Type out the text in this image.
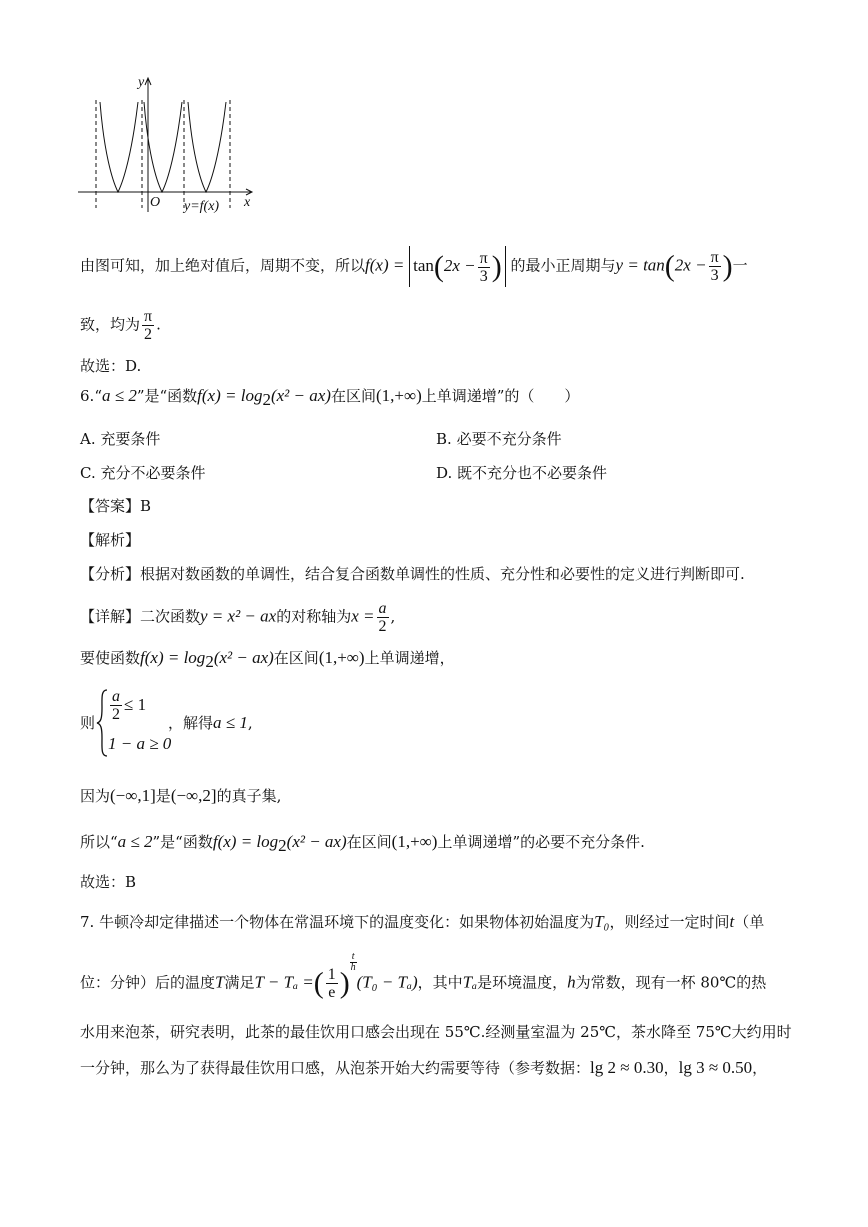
y
x
O y=f(x)
由图可知，加上绝对值后，周期不变，所以$f(x) = \tan(2x - \frac{\pi}{3}$ ) 的最小正周期与$y = \tan(2x - \frac{\pi}{3}$ )一
致，均为 $\frac{\pi}{2}$ .
故选：D.
6.“a ≤ 2”是“函数$f(x) = \log_2(x^2 - ax)$在区间(1,+∞)上单调递增”的（　　）
A. 充要条件	B. 必要不充分条件
C. 充分不必要条件	D. 既不充分也不必要条件
【答案】B
【解析】
【分析】根据对数函数的单调性，结合复合函数单调性的性质、充分性和必要性的定义进行判断即可.
【详解】二次函数y = x² − ax的对称轴为$x = \frac{a}{2}$ ,
要使函数$f(x) = \log_2(x^2 - ax)$在区间(1,+∞)上单调递增，
则 $\frac{a}{2} \le 1$
1 − a ≥ 0
，解得a ≤ 1,
因为(−∞,1]是(−∞,2]的真子集,
所以“a ≤ 2”是“函数$f(x) = \log_2(x^2 - ax)$在区间(1,+∞)上单调递增”的必要不充分条件.
故选：B
7. 牛顿冷却定律描述一个物体在常温环境下的温度变化：如果物体初始温度为T₀，则经过一定时间t（单
位：分钟）后的温度T满足T − Tₐ =( $\frac{1}{e}$ )
$^{\frac{t}{h}}$
(T₀ − Tₐ)，其中Tₐ是环境温度，h为常数，现有一杯 80℃的热
水用来泡茶，研究表明，此茶的最佳饮用口感会出现在 55℃.经测量室温为 25℃，茶水降至 75℃大约用时
一分钟，那么为了获得最佳饮用口感，从泡茶开始大约需要等待（参考数据：lg 2 ≈ 0.30，lg 3 ≈ 0.50，
